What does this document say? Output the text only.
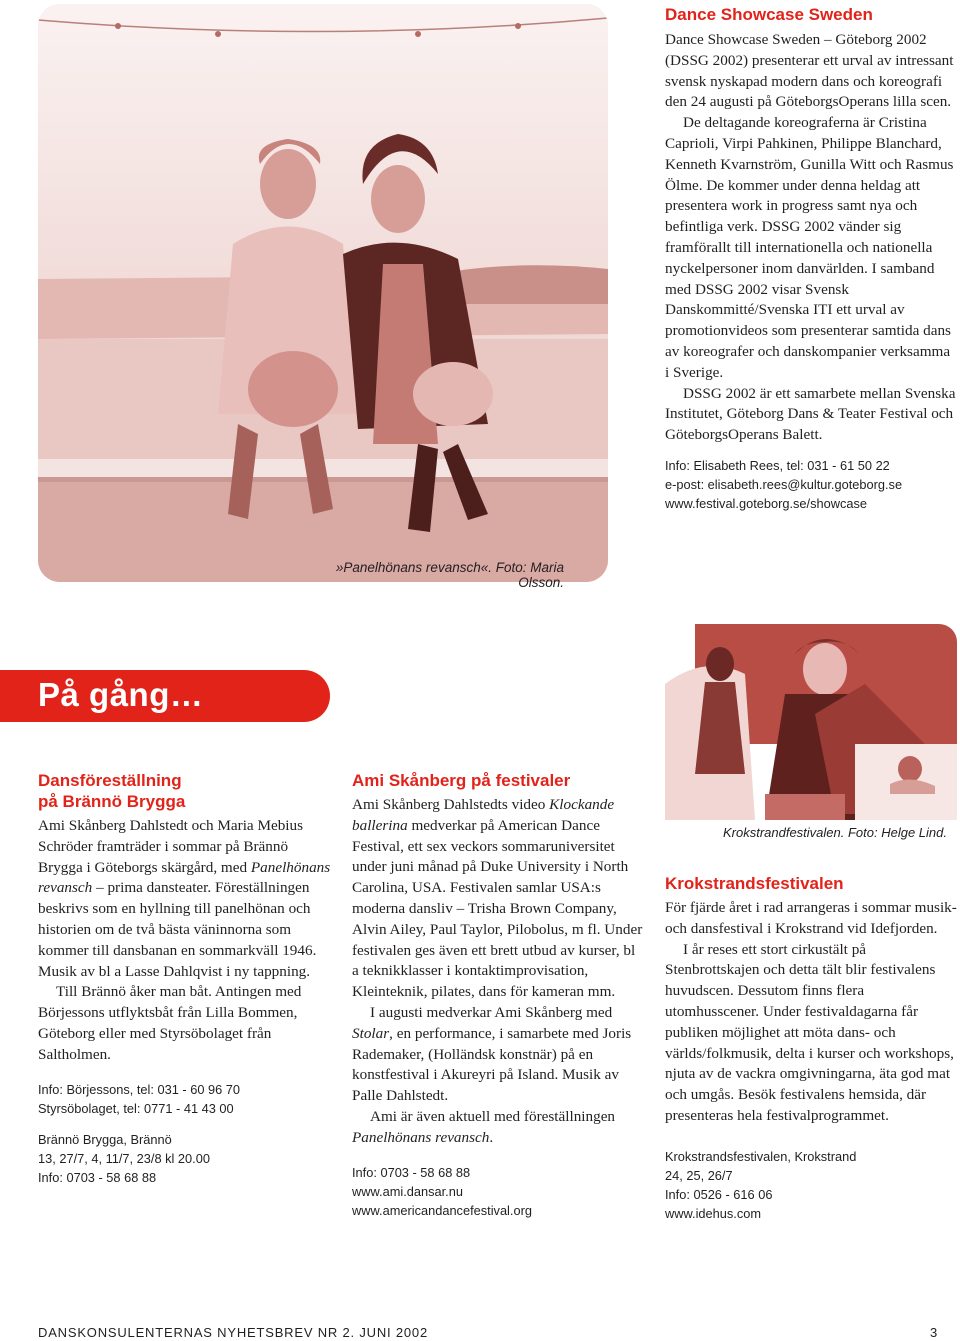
»Panelhönans revansch«. Foto: Maria Olsson.
Dance Showcase Sweden

Dance Showcase Sweden – Göteborg 2002 (DSSG 2002) presenterar ett urval av intressant svensk nyskapad modern dans och koreografi den 24 augusti på GöteborgsOperans lilla scen.

De deltagande koreograferna är Cristina Caprioli, Virpi Pahkinen, Philippe Blanchard, Kenneth Kvarnström, Gunilla Witt och Rasmus Ölme. De kommer under denna heldag att presentera work in progress samt nya och befintliga verk. DSSG 2002 vänder sig framförallt till internationella och nationella nyckelpersoner inom danvärlden. I samband med DSSG 2002 visar Svensk Danskommitté/Svenska ITI ett urval av promotionvideos som presenterar samtida dans av koreografer och danskompanier verksamma i Sverige.

DSSG 2002 är ett samarbete mellan Svenska Institutet, Göteborg Dans & Teater Festival och GöteborgsOperans Balett.

Info: Elisabeth Rees, tel: 031 - 61 50 22
e-post: elisabeth.rees@kultur.goteborg.se
www.festival.goteborg.se/showcase
På gång…
Krokstrandfestivalen. Foto: Helge Lind.
Dansföreställning
på Brännö Brygga

Ami Skånberg Dahlstedt och Maria Mebius Schröder framträder i sommar på Brännö Brygga i Göteborgs skärgård, med Panelhönans revansch – prima dansteater. Föreställningen beskrivs som en hyllning till panelhönan och historien om de två bästa väninnorna som kommer till dansbanan en sommarkväll 1946. Musik av bl a Lasse Dahlqvist i ny tappning.

Till Brännö åker man båt. Antingen med Börjessons utflyktsbåt från Lilla Bommen, Göteborg eller med Styrsöbolaget från Saltholmen.

Info: Börjessons, tel: 031 - 60 96 70
Styrsöbolaget, tel: 0771 - 41 43 00
Brännö Brygga, Brännö
13, 27/7, 4, 11/7, 23/8 kl 20.00
Info: 0703 - 58 68 88
Ami Skånberg på festivaler

Ami Skånberg Dahlstedts video Klockande ballerina medverkar på American Dance Festival, ett sex veckors sommaruniversitet under juni månad på Duke University i North Carolina, USA. Festivalen samlar USA:s moderna dansliv – Trisha Brown Company, Alvin Ailey, Paul Taylor, Pilobolus, m fl. Under festivalen ges även ett brett utbud av kurser, bl a teknikklasser i kontaktimprovisation, Kleinteknik, pilates, dans för kameran mm.

I augusti medverkar Ami Skånberg med Stolar, en performance, i samarbete med Joris Rademaker, (Holländsk konstnär) på en konstfestival i Akureyri på Island. Musik av Palle Dahlstedt.

Ami är även aktuell med föreställningen Panelhönans revansch.

Info: 0703 - 58 68 88
www.ami.dansar.nu
www.americandancefestival.org
Krokstrandsfestivalen

För fjärde året i rad arrangeras i sommar musik- och dansfestival i Krokstrand vid Idefjorden.

I år reses ett stort cirkustält på Stenbrottskajen och detta tält blir festivalens huvudscen. Dessutom finns flera utomhusscener. Under festivaldagarna får publiken möjlighet att möta dans- och världs/folkmusik, delta i kurser och workshops, njuta av de vackra omgivningarna, äta god mat och umgås. Besök festivalens hemsida, där presenteras hela festivalprogrammet.

Krokstrandsfestivalen, Krokstrand
24, 25, 26/7
Info: 0526 - 616 06
www.idehus.com
DANSKONSULENTERNAS NYHETSBREV NR 2. JUNI 2002	3
